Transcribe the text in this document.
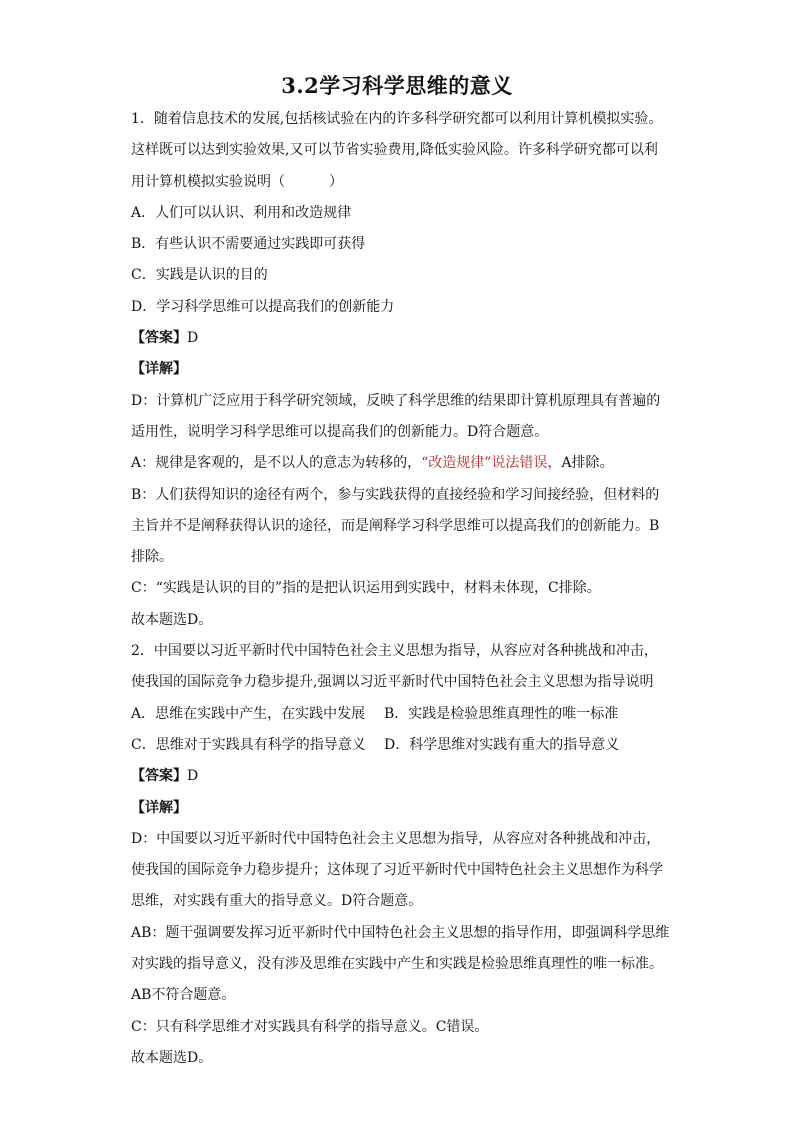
3.2学习科学思维的意义
1．随着信息技术的发展,包括核试验在内的许多科学研究都可以利用计算机模拟实验。
这样既可以达到实验效果,又可以节省实验费用,降低实验风险。许多科学研究都可以利
用计算机模拟实验说明（	）
A．人们可以认识、利用和改造规律
B．有些认识不需要通过实践即可获得
C．实践是认识的目的
D．学习科学思维可以提高我们的创新能力
【答案】D
【详解】
D：计算机广泛应用于科学研究领域，反映了科学思维的结果即计算机原理具有普遍的
适用性，说明学习科学思维可以提高我们的创新能力。D符合题意。
A：规律是客观的，是不以人的意志为转移的，“改造规律”说法错误，A排除。
B：人们获得知识的途径有两个，参与实践获得的直接经验和学习间接经验，但材料的
主旨并不是阐释获得认识的途径，而是阐释学习科学思维可以提高我们的创新能力。B
排除。
C：“实践是认识的目的”指的是把认识运用到实践中，材料未体现，C排除。
故本题选D。
2．中国要以习近平新时代中国特色社会主义思想为指导，从容应对各种挑战和冲击，
使我国的国际竞争力稳步提升,强调以习近平新时代中国特色社会主义思想为指导说明
A．思维在实践中产生，在实践中发展	B．实践是检验思维真理性的唯一标准
C．思维对于实践具有科学的指导意义	D．科学思维对实践有重大的指导意义
【答案】D
【详解】
D：中国要以习近平新时代中国特色社会主义思想为指导，从容应对各种挑战和冲击，
使我国的国际竞争力稳步提升；这体现了习近平新时代中国特色社会主义思想作为科学
思维，对实践有重大的指导意义。D符合题意。
AB：题干强调要发挥习近平新时代中国特色社会主义思想的指导作用，即强调科学思维
对实践的指导意义，没有涉及思维在实践中产生和实践是检验思维真理性的唯一标准。
AB不符合题意。
C：只有科学思维才对实践具有科学的指导意义。C错误。
故本题选D。
